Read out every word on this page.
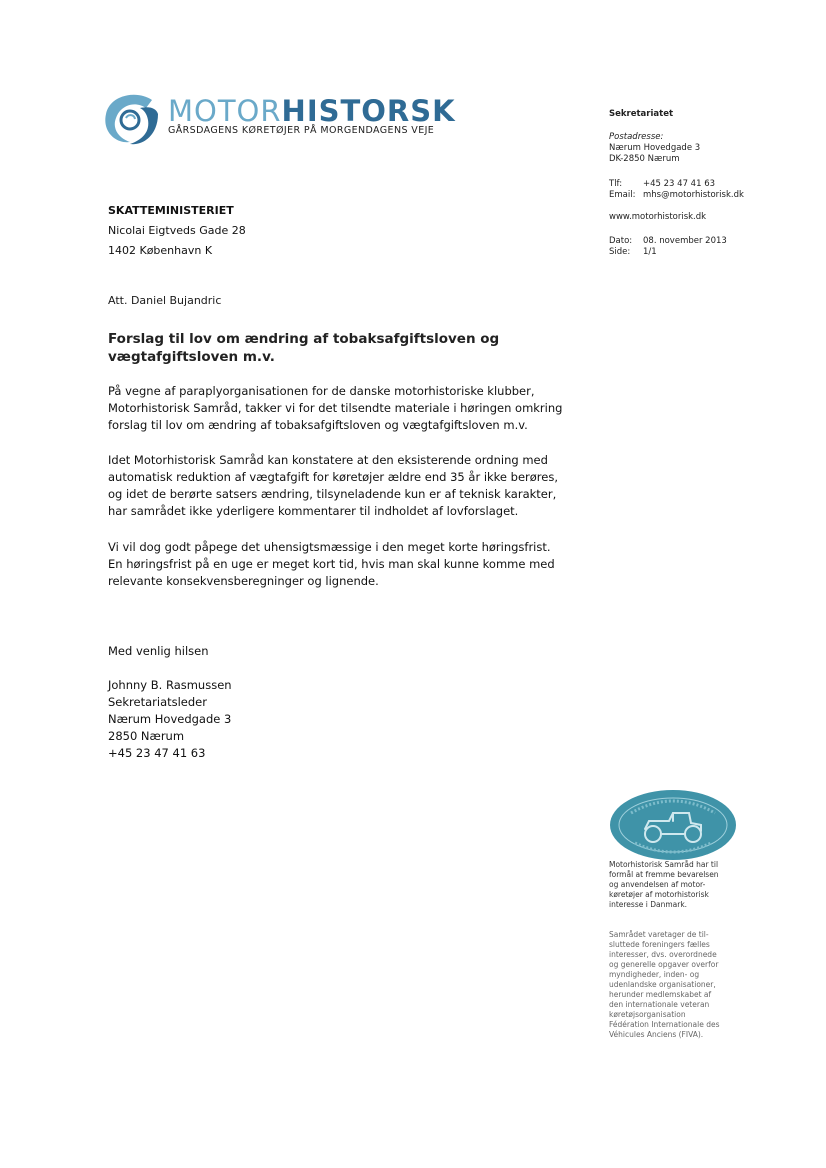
MOTORHISTORSK
GÅRSDAGENS KØRETØJER PÅ MORGENDAGENS VEJE
Sekretariatet
Postadresse:
Nærum Hovedgade 3
DK-2850 Nærum
Tlf:	+45 23 47 41 63
Email: mhs@motorhistorisk.dk
www.motorhistorisk.dk
Dato:	08. november 2013
Side:	1/1
SKATTEMINISTERIET
Nicolai Eigtveds Gade 28
1402 København K
Att. Daniel Bujandric
Forslag til lov om ændring af tobaksafgiftsloven og
vægtafgiftsloven m.v.
På vegne af paraplyorganisationen for de danske motorhistoriske klubber,
Motorhistorisk Samråd, takker vi for det tilsendte materiale i høringen omkring
forslag til lov om ændring af tobaksafgiftsloven og vægtafgiftsloven m.v.
Idet Motorhistorisk Samråd kan konstatere at den eksisterende ordning med
automatisk reduktion af vægtafgift for køretøjer ældre end 35 år ikke berøres,
og idet de berørte satsers ændring, tilsyneladende kun er af teknisk karakter,
har samrådet ikke yderligere kommentarer til indholdet af lovforslaget.
Vi vil dog godt påpege det uhensigtsmæssige i den meget korte høringsfrist.
En høringsfrist på en uge er meget kort tid, hvis man skal kunne komme med
relevante konsekvensberegninger og lignende.
Med venlig hilsen
Johnny B. Rasmussen
Sekretariatsleder
Nærum Hovedgade 3
2850 Nærum
+45 23 47 41 63
Motorhistorisk Samråd har til
formål at fremme bevarelsen
og anvendelsen af motor-
køretøjer af motorhistorisk
interesse i Danmark.
Samrådet varetager de til-
sluttede foreningers fælles
interesser, dvs. overordnede
og generelle opgaver overfor
myndigheder, inden- og
udenlandske organisationer,
herunder medlemskabet af
den internationale veteran
køretøjsorganisation
Fédération Internationale des
Véhicules Anciens (FIVA).
